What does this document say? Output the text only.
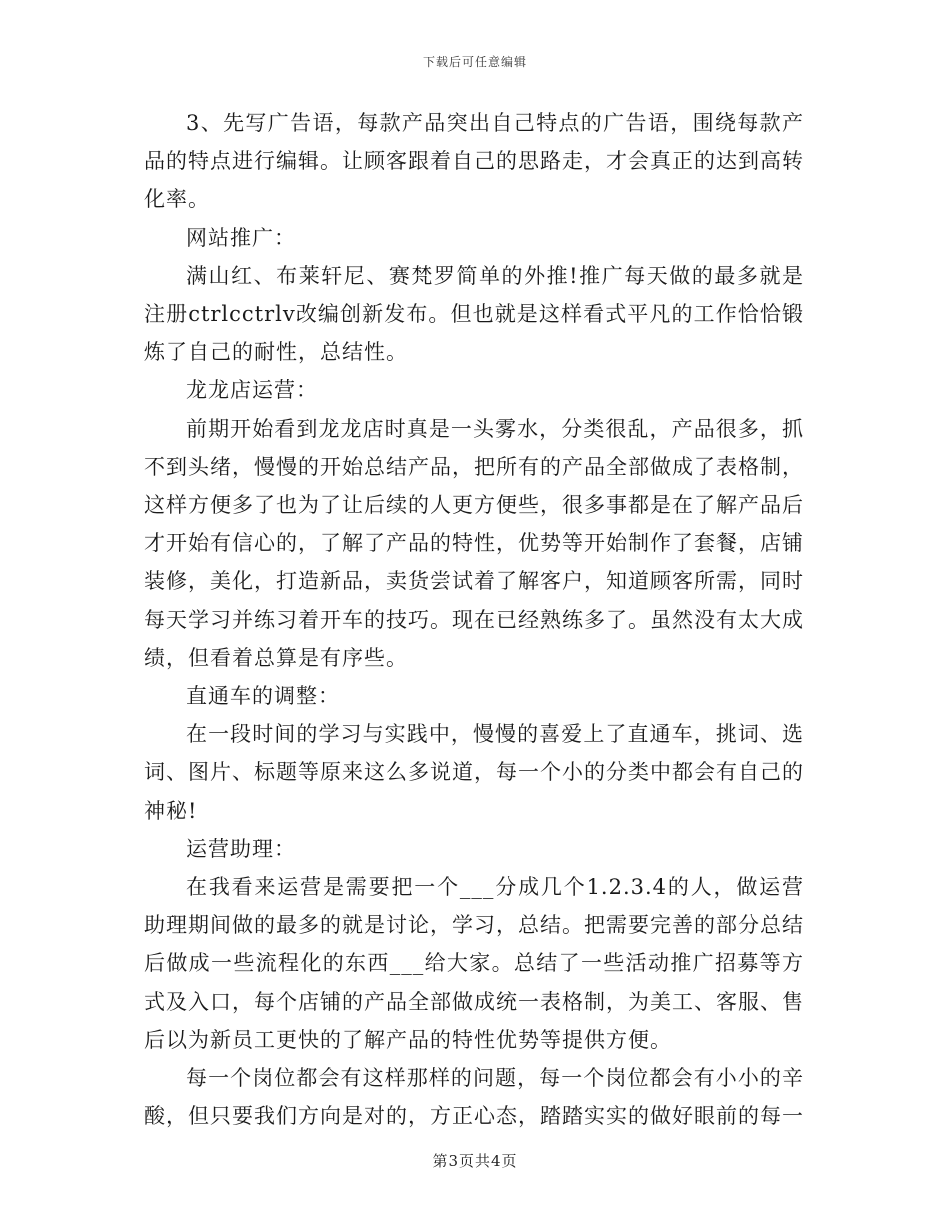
下载后可任意编辑

3、先写广告语，每款产品突出自己特点的广告语，围绕每款产品的特点进行编辑。让顾客跟着自己的思路走，才会真正的达到高转化率。

网站推广：

满山红、布莱轩尼、赛梵罗简单的外推!推广每天做的最多就是注册ctrlcctrlv改编创新发布。但也就是这样看式平凡的工作恰恰锻炼了自己的耐性，总结性。

龙龙店运营：

前期开始看到龙龙店时真是一头雾水，分类很乱，产品很多，抓不到头绪，慢慢的开始总结产品，把所有的产品全部做成了表格制，这样方便多了也为了让后续的人更方便些，很多事都是在了解产品后才开始有信心的，了解了产品的特性，优势等开始制作了套餐，店铺装修，美化，打造新品，卖货尝试着了解客户，知道顾客所需，同时每天学习并练习着开车的技巧。现在已经熟练多了。虽然没有太大成绩，但看着总算是有序些。

直通车的调整：

在一段时间的学习与实践中，慢慢的喜爱上了直通车，挑词、选词、图片、标题等原来这么多说道，每一个小的分类中都会有自己的神秘!

运营助理：

在我看来运营是需要把一个___分成几个1.2.3.4的人，做运营助理期间做的最多的就是讨论，学习，总结。把需要完善的部分总结后做成一些流程化的东西___给大家。总结了一些活动推广招募等方式及入口，每个店铺的产品全部做成统一表格制，为美工、客服、售后以为新员工更快的了解产品的特性优势等提供方便。

每一个岗位都会有这样那样的问题，每一个岗位都会有小小的辛酸，但只要我们方向是对的，方正心态，踏踏实实的做好眼前的每一

第3页共4页
